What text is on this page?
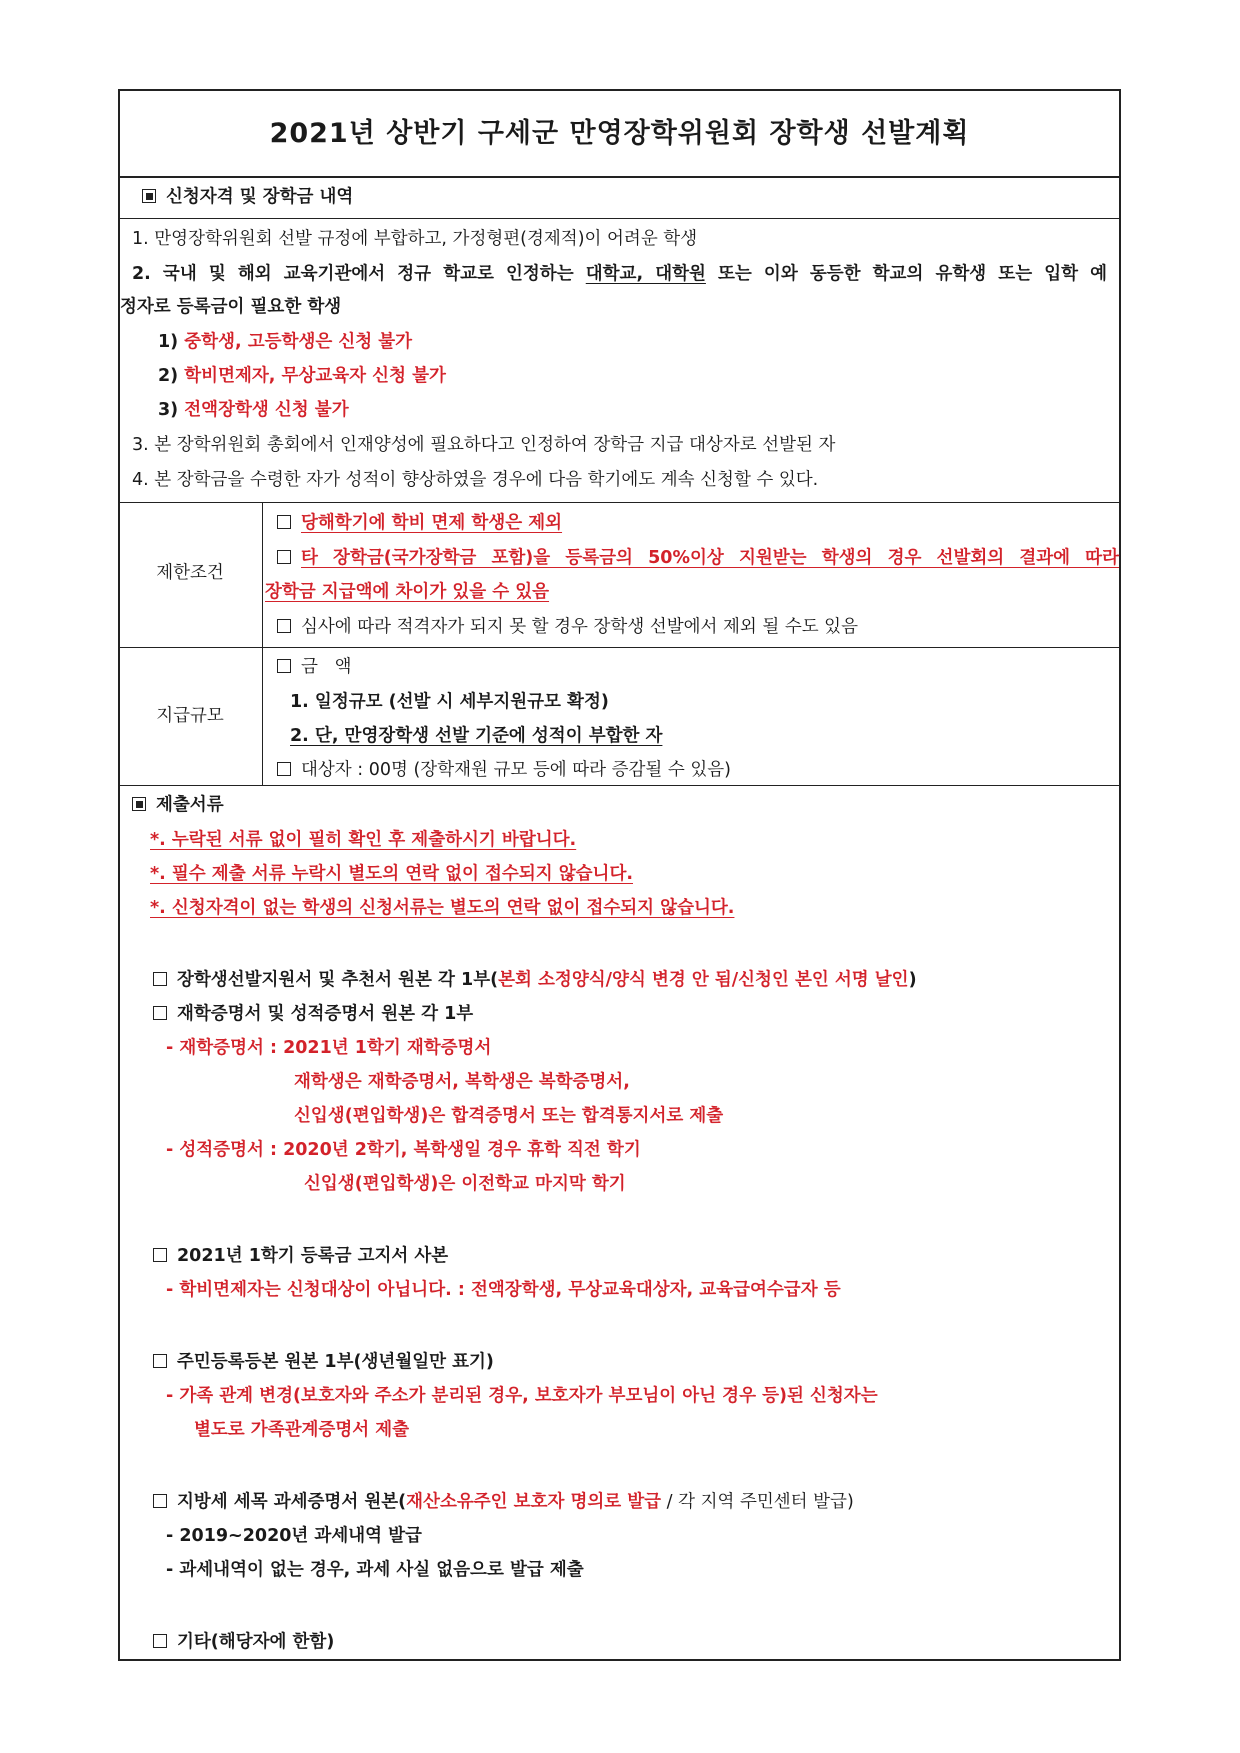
2021년 상반기 구세군 만영장학위원회 장학생 선발계획
신청자격 및 장학금 내역
1. 만영장학위원회 선발 규정에 부합하고, 가정형편(경제적)이 어려운 학생
2. 국내 및 해외 교육기관에서 정규 학교로 인정하는 대학교, 대학원 또는 이와 동등한 학교의 유학생 또는 입학 예
정자로 등록금이 필요한 학생
1) 중학생, 고등학생은 신청 불가
2) 학비면제자, 무상교육자 신청 불가
3) 전액장학생 신청 불가
3. 본 장학위원회 총회에서 인재양성에 필요하다고 인정하여 장학금 지급 대상자로 선발된 자
4. 본 장학금을 수령한 자가 성적이 향상하였을 경우에 다음 학기에도 계속 신청할 수 있다.
제한조건
당해학기에 학비 면제 학생은 제외
타 장학금(국가장학금 포함)을 등록금의 50%이상 지원받는 학생의 경우 선발회의 결과에 따라
장학금 지급액에 차이가 있을 수 있음
심사에 따라 적격자가 되지 못 할 경우 장학생 선발에서 제외 될 수도 있음
지급규모
금   액
1. 일정규모 (선발 시 세부지원규모 확정)
2. 단, 만영장학생 선발 기준에 성적이 부합한 자
대상자 : 00명 (장학재원 규모 등에 따라 증감될 수 있음)
제출서류
*. 누락된 서류 없이 필히 확인 후 제출하시기 바랍니다.
*. 필수 제출 서류 누락시 별도의 연락 없이 접수되지 않습니다.
*. 신청자격이 없는 학생의 신청서류는 별도의 연락 없이 접수되지 않습니다.
장학생선발지원서 및 추천서 원본 각 1부(본회 소정양식/양식 변경 안 됨/신청인 본인 서명 날인)
재학증명서 및 성적증명서 원본 각 1부
- 재학증명서 : 2021년 1학기 재학증명서
재학생은 재학증명서, 복학생은 복학증명서,
신입생(편입학생)은 합격증명서 또는 합격통지서로 제출
- 성적증명서 : 2020년 2학기, 복학생일 경우 휴학 직전 학기
신입생(편입학생)은 이전학교 마지막 학기
2021년 1학기 등록금 고지서 사본
- 학비면제자는 신청대상이 아닙니다. : 전액장학생, 무상교육대상자, 교육급여수급자 등
주민등록등본 원본 1부(생년월일만 표기)
- 가족 관계 변경(보호자와 주소가 분리된 경우, 보호자가 부모님이 아닌 경우 등)된 신청자는
별도로 가족관계증명서 제출
지방세 세목 과세증명서 원본(재산소유주인 보호자 명의로 발급 / 각 지역 주민센터 발급)
- 2019~2020년 과세내역 발급
- 과세내역이 없는 경우, 과세 사실 없음으로 발급 제출
기타(해당자에 한함)
